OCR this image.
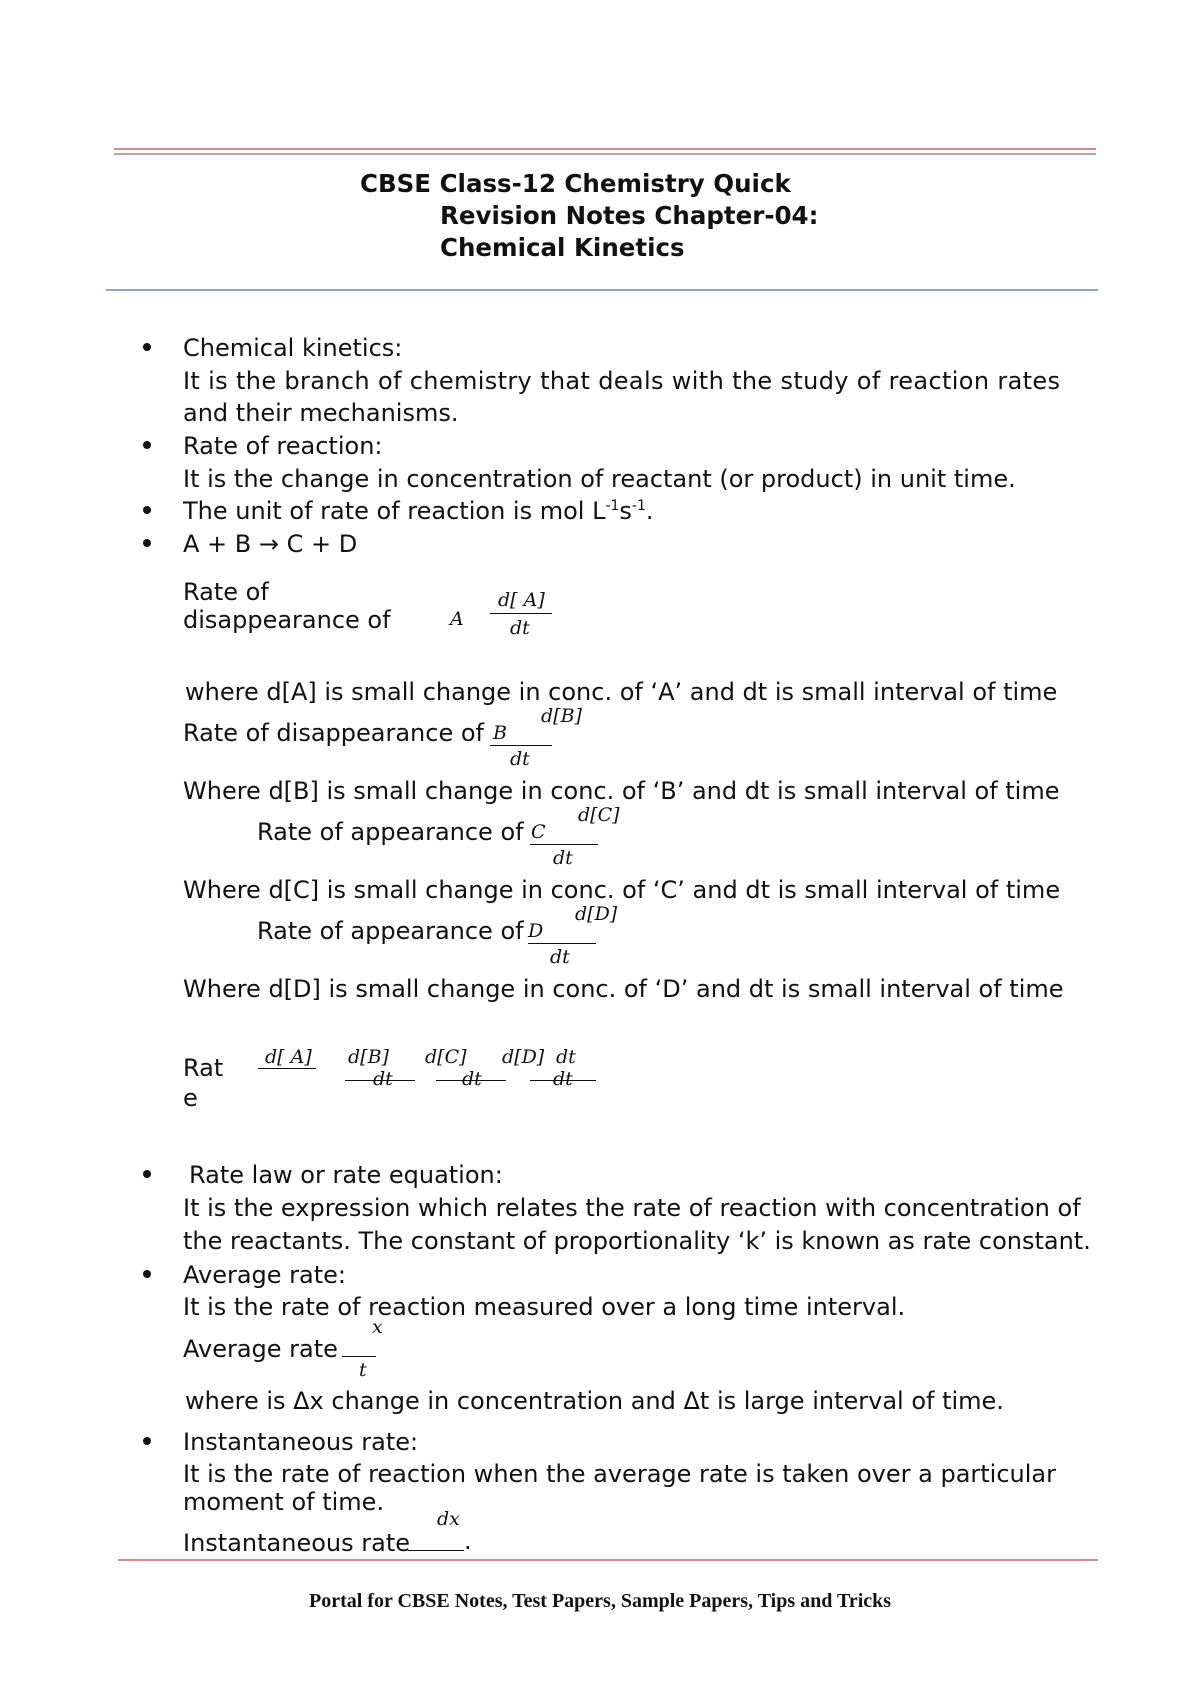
CBSE Class-12 Chemistry Quick
Revision Notes Chapter-04:
Chemical Kinetics
Chemical kinetics:
It is the branch of chemistry that deals with the study of reaction rates
and their mechanisms.
Rate of reaction:
It is the change in concentration of reactant (or product) in unit time.
The unit of rate of reaction is mol $L^{-1}s^{-1}$.
A + B → C + D
Rate of
disappearance of	A
d[ A]
dt
where d[A] is small change in conc. of ‘A’ and dt is small interval of time
Rate of disappearance of B
d[B]
dt
Where d[B] is small change in conc. of ‘B’ and dt is small interval of time
Rate of appearance of C
d[C]
dt
Where d[C] is small change in conc. of ‘C’ and dt is small interval of time
Rate of appearance of D
d[D]
dt
Where d[D] is small change in conc. of ‘D’ and dt is small interval of time
Rat
e
d[ A] d[B]
dt
d[C]
dt
d[D] dt
dt
Rate law or rate equation:
It is the expression which relates the rate of reaction with concentration of
the reactants. The constant of proportionality ‘k’ is known as rate constant.
Average rate:
It is the rate of reaction measured over a long time interval.
Average rate
x
t
where is Δx change in concentration and Δt is large interval of time.
Instantaneous rate:
It is the rate of reaction when the average rate is taken over a particular
moment of time.
Instantaneous rate
dx
.
Portal for CBSE Notes, Test Papers, Sample Papers, Tips and Tricks
